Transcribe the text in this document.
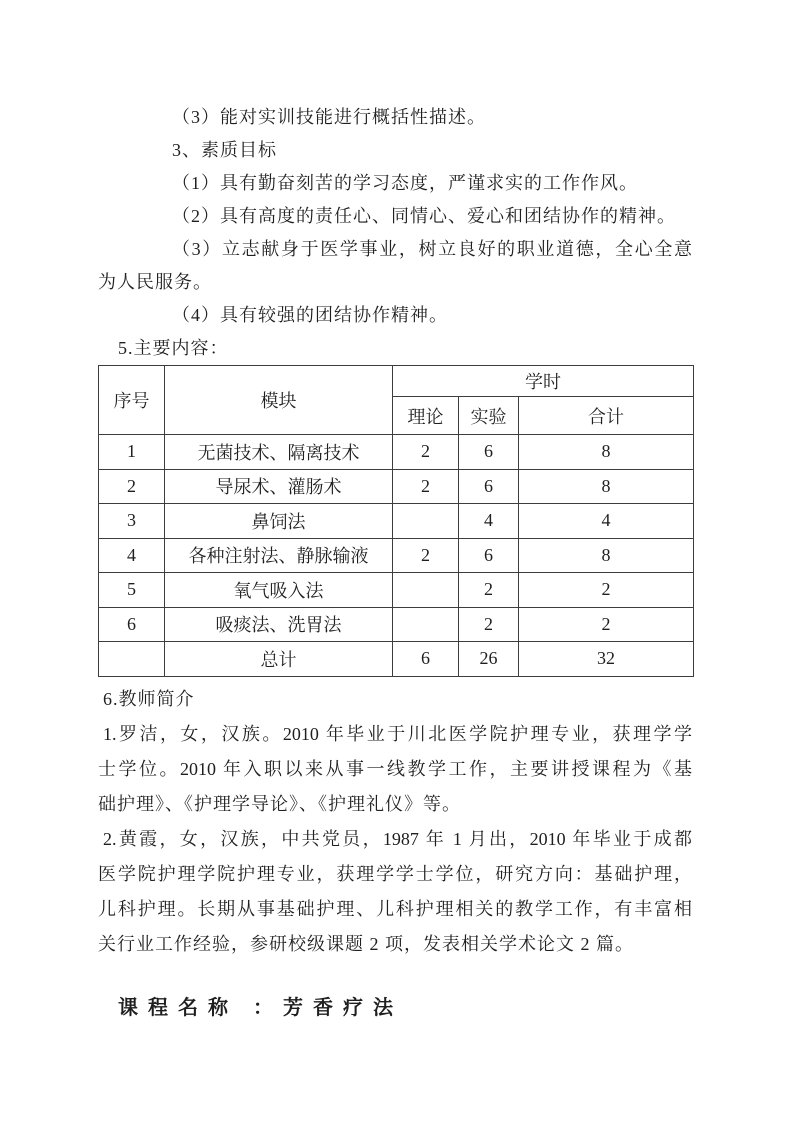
（3）能对实训技能进行概括性描述。
3、素质目标
（1）具有勤奋刻苦的学习态度，严谨求实的工作作风。
（2）具有高度的责任心、同情心、爱心和团结协作的精神。
（3）立志献身于医学事业，树立良好的职业道德，全心全意
为人民服务。
（4）具有较强的团结协作精神。
5.主要内容：
序号	模块	学时		
		理论	实验	合计
1	无菌技术、隔离技术	2	6	8
2	导尿术、灌肠术	2	6	8
3	鼻饲法		4	4
4	各种注射法、静脉输液	2	6	8
5	氧气吸入法		2	2
6	吸痰法、洗胃法		2	2
	总计	6	26	32
6.教师简介
1.罗洁，女，汉族。2010 年毕业于川北医学院护理专业，获理学学
士学位。2010 年入职以来从事一线教学工作，主要讲授课程为《基
础护理》、《护理学导论》、《护理礼仪》等。
2.黄霞，女，汉族，中共党员，1987 年 1 月出，2010 年毕业于成都
医学院护理学院护理专业，获理学学士学位，研究方向：基础护理，
儿科护理。长期从事基础护理、儿科护理相关的教学工作，有丰富相
关行业工作经验，参研校级课题 2 项，发表相关学术论文 2 篇。
课程名称 ：芳香疗法
